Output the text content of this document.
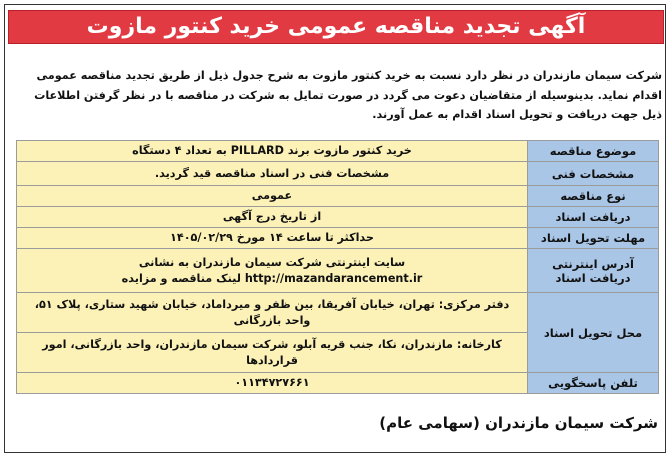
آگهی تجدید مناقصه عمومی خرید کنتور مازوت
شرکت سیمان مازندران در نظر دارد نسبت به خرید کنتور مازوت به شرح جدول ذیل از طریق تجدید مناقصه عمومی اقدام نماید. بدینوسیله از متقاضیان دعوت می گردد در صورت تمایل به شرکت در مناقصه با در نظر گرفتن اطلاعات ذیل جهت دریافت و تحویل اسناد اقدام به عمل آورند.
موضوع مناقصه	خرید کنتور مازوت برند PILLARD به تعداد ۴ دستگاه
مشخصات فنی	مشخصات فنی در اسناد مناقصه قید گردید.
نوع مناقصه	عمومی
دریافت اسناد	از تاریخ درج آگهی
مهلت تحویل اسناد	حداکثر تا ساعت ۱۴ مورخ ۱۴۰۵/۰۲/۲۹
آدرس اینترنتی دریافت اسناد	سایت اینترنتی شرکت سیمان مازندران به نشانی
http://mazandarancement.ir لینک مناقصه و مزایده

محل تحویل اسناد	دفتر مرکزی: تهران، خیابان آفریقا، بین ظفر و میرداماد، خیابان شهید ستاری، پلاک ۵۱، واحد بازرگانی
	کارخانه: مازندران، نکا، جنب قریه آبلو، شرکت سیمان مازندران، واحد بازرگانی، امور قراردادها
تلفن پاسخگویی	۰۱۱۳۴۷۲۷۶۶۱
شرکت سیمان مازندران (سهامی عام)
